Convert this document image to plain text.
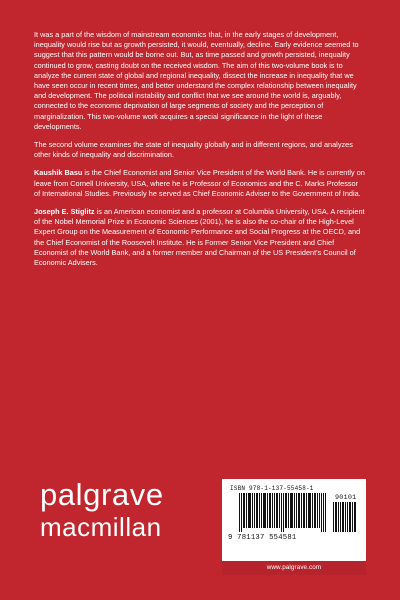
It was a part of the wisdom of mainstream economics that, in the early stages of development, inequality would rise but as growth persisted, it would, eventually, decline. Early evidence seemed to suggest that this pattern would be borne out. But, as time passed and growth persisted, inequality continued to grow, casting doubt on the received wisdom. The aim of this two-volume book is to analyze the current state of global and regional inequality, dissect the increase in inequality that we have seen occur in recent times, and better understand the complex relationship between inequality and development. The political instability and conflict that we see around the world is, arguably, connected to the economic deprivation of large segments of society and the perception of marginalization. This two-volume work acquires a special significance in the light of these developments.

The second volume examines the state of inequality globally and in different regions, and analyzes other kinds of inequality and discrimination.

Kaushik Basu is the Chief Economist and Senior Vice President of the World Bank. He is currently on leave from Cornell University, USA, where he is Professor of Economics and the C. Marks Professor of International Studies. Previously he served as Chief Economic Adviser to the Government of India.

Joseph E. Stiglitz is an American economist and a professor at Columbia University, USA. A recipient of the Nobel Memorial Prize in Economic Sciences (2001), he is also the co-chair of the High-Level Expert Group on the Measurement of Economic Performance and Social Progress at the OECD, and the Chief Economist of the Roosevelt Institute. He is Former Senior Vice President and Chief Economist of the World Bank, and a former member and Chairman of the US President's Council of Economic Advisers.

palgrave
macmillan
ISBN 978-1-137-55458-1
90101
9 781137 554581
www.palgrave.com
